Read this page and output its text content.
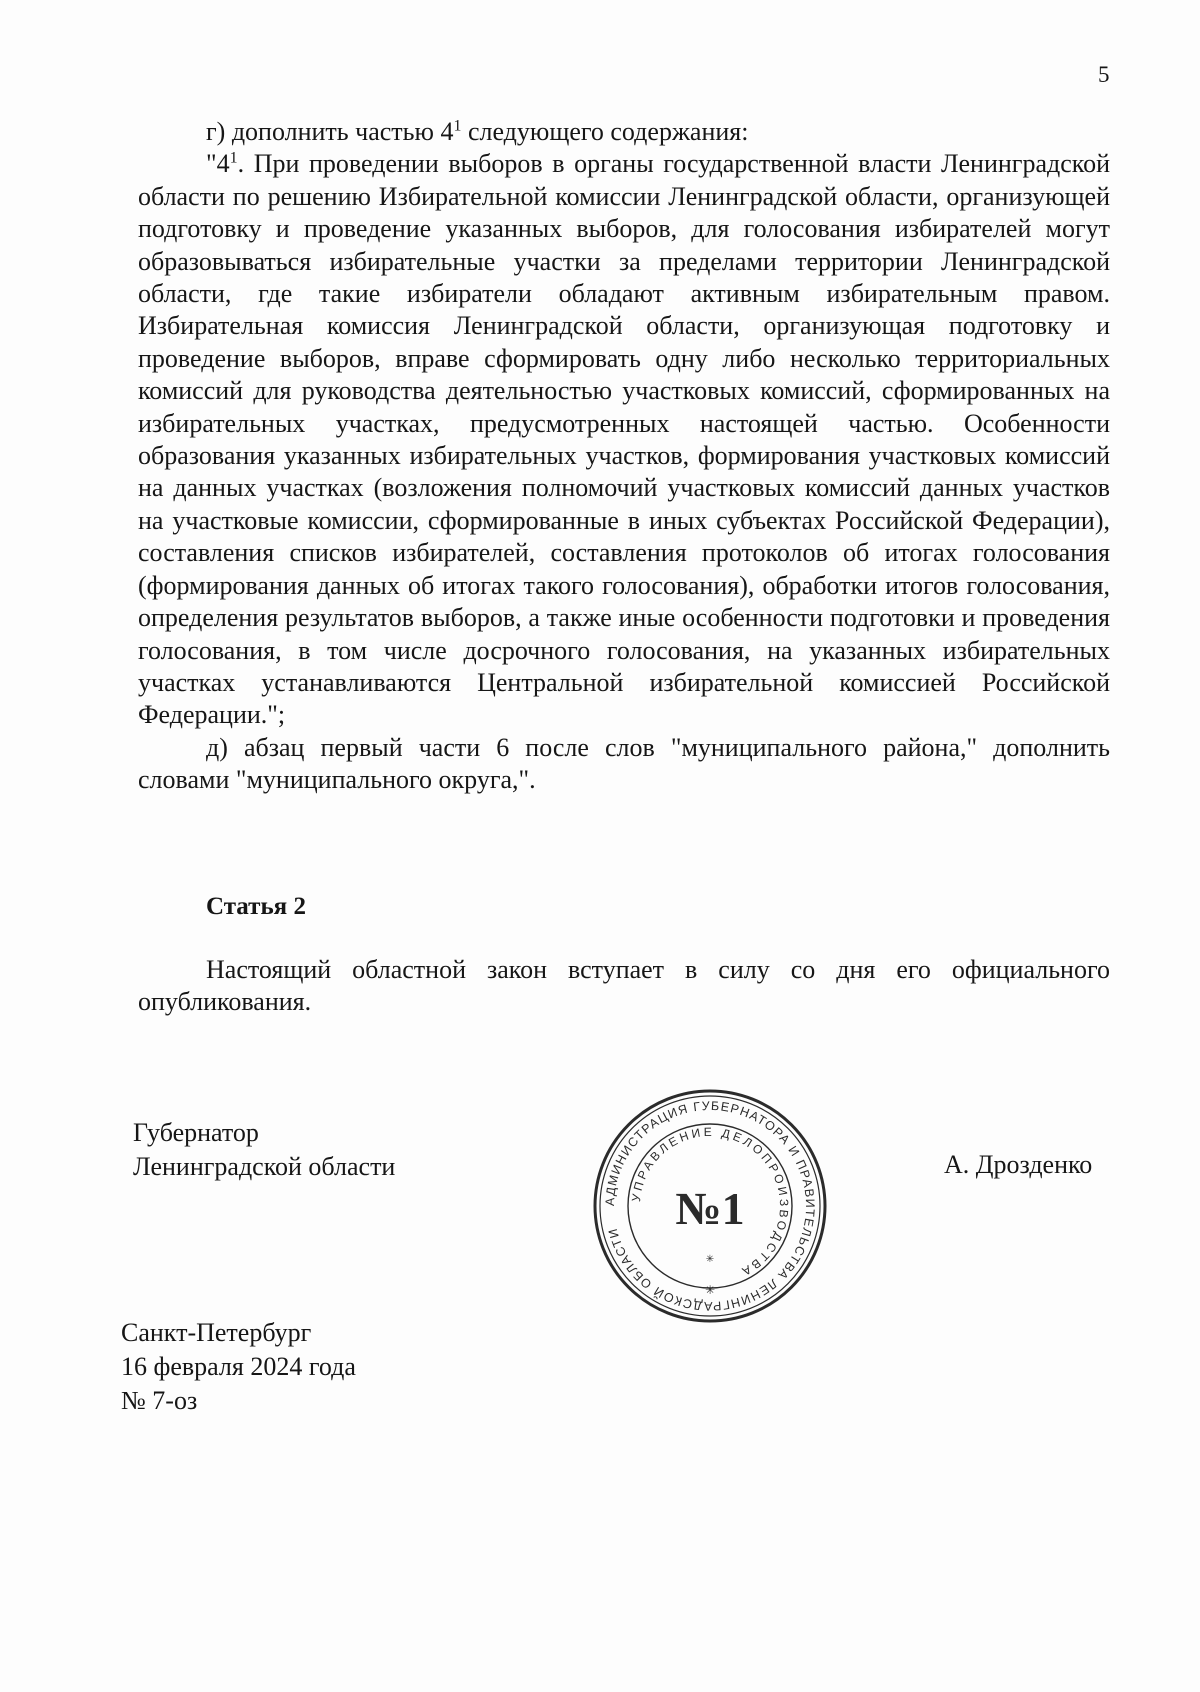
5

г) дополнить частью $4^1$ следующего содержания:

"$4^1$. При проведении выборов в органы государственной власти Ленинградской области по решению Избирательной комиссии Ленинградской области, организующей подготовку и проведение указанных выборов, для голосования избирателей могут образовываться избирательные участки за пределами территории Ленинградской области, где такие избиратели обладают активным избирательным правом. Избирательная комиссия Ленинградской области, организующая подготовку и проведение выборов, вправе сформировать одну либо несколько территориальных комиссий для руководства деятельностью участковых комиссий, сформированных на избирательных участках, предусмотренных настоящей частью. Особенности образования указанных избирательных участков, формирования участковых комиссий на данных участках (возложения полномочий участковых комиссий данных участков на участковые комиссии, сформированные в иных субъектах Российской Федерации), составления списков избирателей, составления протоколов об итогах голосования (формирования данных об итогах такого голосования), обработки итогов голосования, определения результатов выборов, а также иные особенности подготовки и проведения голосования, в том числе досрочного голосования, на указанных избирательных участках устанавливаются Центральной избирательной комиссией Российской Федерации.";

д) абзац первый части 6 после слов "муниципального района," дополнить словами "муниципального округа,".

Статья 2

Настоящий областной закон вступает в силу со дня его официального опубликования.

Губернатор
Ленинградской области
АДМИНИСТРАЦИЯ ГУБЕРНАТОРА И ПРАВИТЕЛЬСТВА ЛЕНИНГРАДСКОЙ ОБЛАСТИ
УПРАВЛЕНИЕ ДЕЛОПРОИЗВОДСТВА
№1
✳
✳
А. Дрозденко
Санкт-Петербург
16 февраля 2024 года
№ 7-оз
